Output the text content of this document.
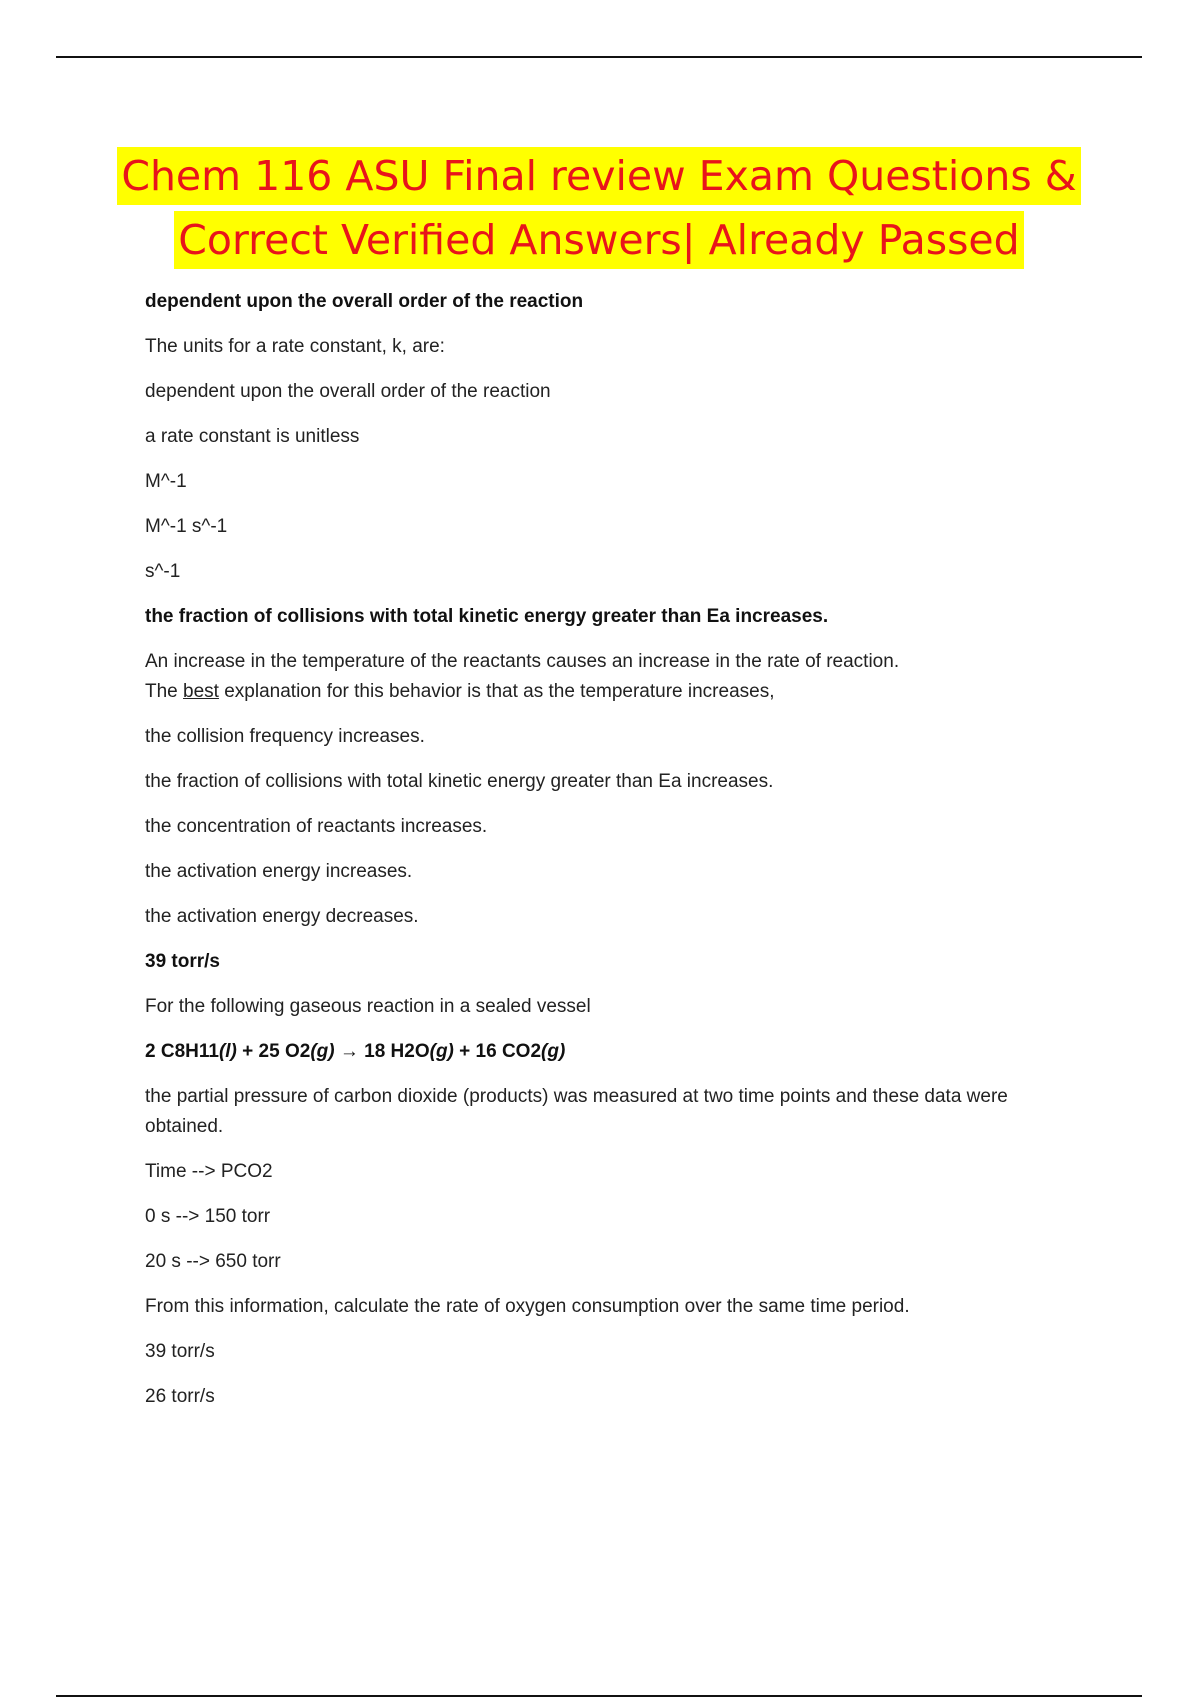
Chem 116 ASU Final review Exam Questions &
Correct Verified Answers| Already Passed

dependent upon the overall order of the reaction

The units for a rate constant, k, are:

dependent upon the overall order of the reaction

a rate constant is unitless

M^-1

M^-1 s^-1

s^-1

the fraction of collisions with total kinetic energy greater than Ea increases.

An increase in the temperature of the reactants causes an increase in the rate of reaction.
The best explanation for this behavior is that as the temperature increases,

the collision frequency increases.

the fraction of collisions with total kinetic energy greater than Ea increases.

the concentration of reactants increases.

the activation energy increases.

the activation energy decreases.

39 torr/s

For the following gaseous reaction in a sealed vessel

2 C8H11(l) + 25 O2(g) → 18 H2O(g) + 16 CO2(g)

the partial pressure of carbon dioxide (products) was measured at two time points and these data were obtained.

Time --> PCO2

0 s --> 150 torr

20 s --> 650 torr

From this information, calculate the rate of oxygen consumption over the same time period.

39 torr/s

26 torr/s
